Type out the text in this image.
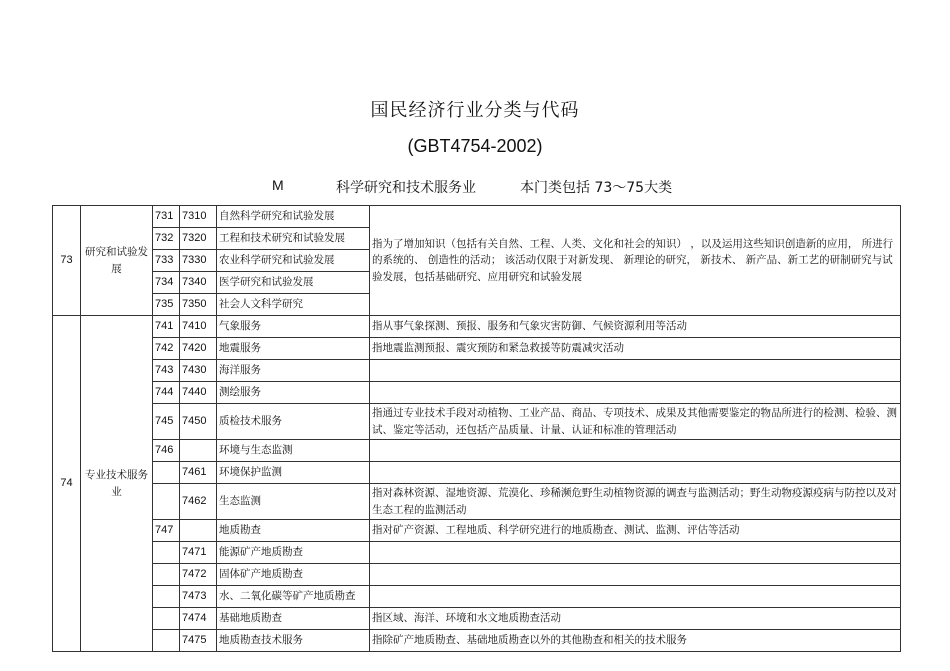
国民经济行业分类与代码
(GBT4754-2002)
M	科学研究和技术服务业	本门类包括 73～75大类
73	研究和试验发展	731	7310	自然科学研究和试验发展	指为了增加知识（包括有关自然、工程、人类、文化和社会的知识） ，以及运用这些知识创造新的应用， 所进行的系统的、 创造性的活动； 该活动仅限于对新发现、 新理论的研究， 新技术、 新产品、新工艺的研制研究与试验发展，包括基础研究、应用研究和试验发展
		732	7320	工程和技术研究和试验发展	
		733	7330	农业科学研究和试验发展	
		734	7340	医学研究和试验发展	
		735	7350	社会人文科学研究	
74	专业技术服务业	741	7410	气象服务	指从事气象探测、预报、服务和气象灾害防御、气候资源利用等活动
		742	7420	地震服务	指地震监测预报、震灾预防和紧急救援等防震减灾活动
		743	7430	海洋服务	
		744	7440	测绘服务	
		745	7450	质检技术服务	指通过专业技术手段对动植物、工业产品、商品、专项技术、成果及其他需要鉴定的物品所进行的检测、检验、测试、鉴定等活动，还包括产品质量、计量、认证和标准的管理活动
		746		环境与生态监测	
			7461	环境保护监测	
			7462	生态监测	指对森林资源、湿地资源、荒漠化、珍稀濒危野生动植物资源的调查与监测活动；野生动物疫源疫病与防控以及对生态工程的监测活动
		747		地质勘查	指对矿产资源、工程地质、科学研究进行的地质勘查、测试、监测、评估等活动
			7471	能源矿产地质勘查	
			7472	固体矿产地质勘查	
			7473	水、二氧化碳等矿产地质勘查	
			7474	基础地质勘查	指区域、海洋、环境和水文地质勘查活动
			7475	地质勘查技术服务	指除矿产地质勘查、基础地质勘查以外的其他勘查和相关的技术服务
